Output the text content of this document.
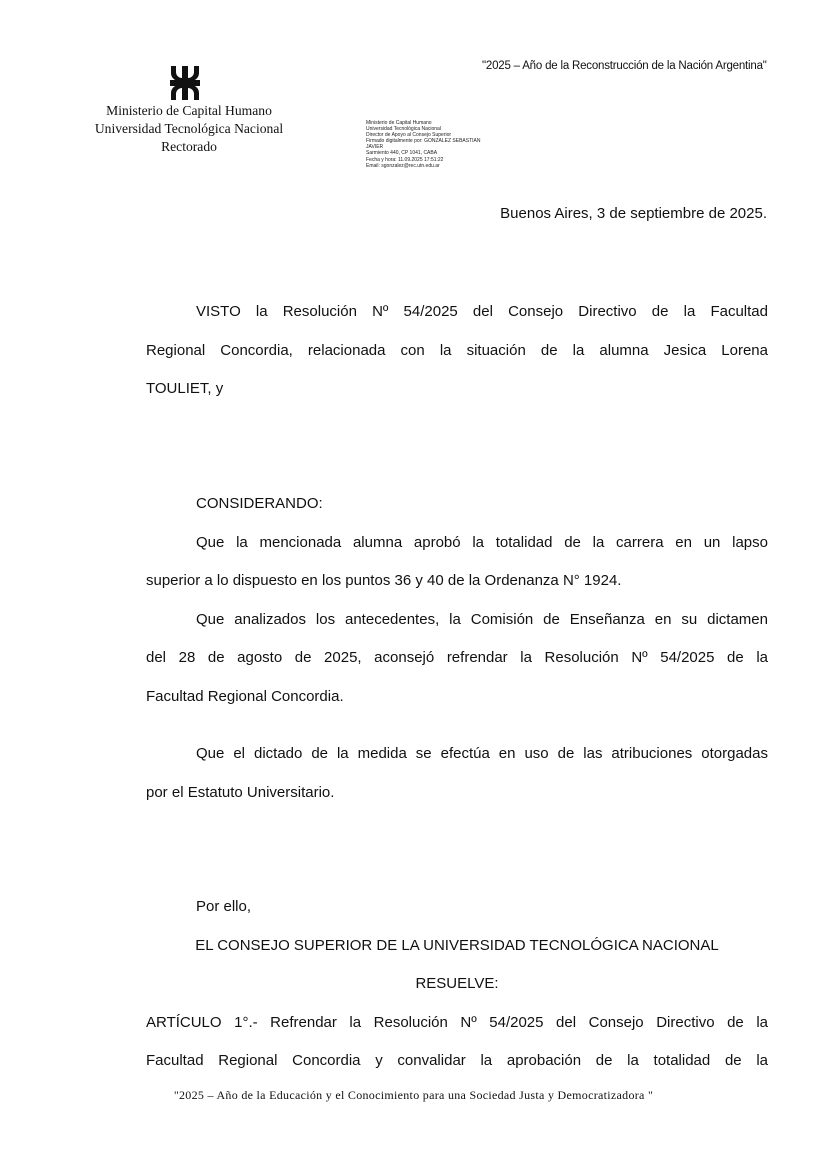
"2025 – Año de la Reconstrucción de la Nación Argentina"
Ministerio de Capital Humano
Universidad Tecnológica Nacional
Rectorado
Ministerio de Capital Humano
Universidad Tecnológica Nacional
Director de Apoyo al Consejo Superior
Firmado digitalmente por: GONZALEZ SEBASTIAN
JAVIER
Sarmiento 440, CP 1041, CABA
Fecha y hora: 11.09.2025 17:51:22
Email: sgonzalez@rec.utn.edu.ar
Buenos Aires, 3 de septiembre de 2025.
VISTO la Resolución Nº 54/2025 del Consejo Directivo de la Facultad
Regional Concordia, relacionada con la situación de la alumna Jesica Lorena
TOULIET, y
CONSIDERANDO:
Que la mencionada alumna aprobó la totalidad de la carrera en un lapso
superior a lo dispuesto en los puntos 36 y 40 de la Ordenanza N° 1924.
Que analizados los antecedentes, la Comisión de Enseñanza en su dictamen
del 28 de agosto de 2025, aconsejó refrendar la Resolución Nº 54/2025 de la
Facultad Regional Concordia.
Que el dictado de la medida se efectúa en uso de las atribuciones otorgadas
por el Estatuto Universitario.
Por ello,
EL CONSEJO SUPERIOR DE LA UNIVERSIDAD TECNOLÓGICA NACIONAL
RESUELVE:
ARTÍCULO 1°.- Refrendar la Resolución Nº 54/2025 del Consejo Directivo de la
Facultad Regional Concordia y convalidar la aprobación de la totalidad de la
"2025 – Año de la Educación y el Conocimiento para una Sociedad Justa y Democratizadora "
